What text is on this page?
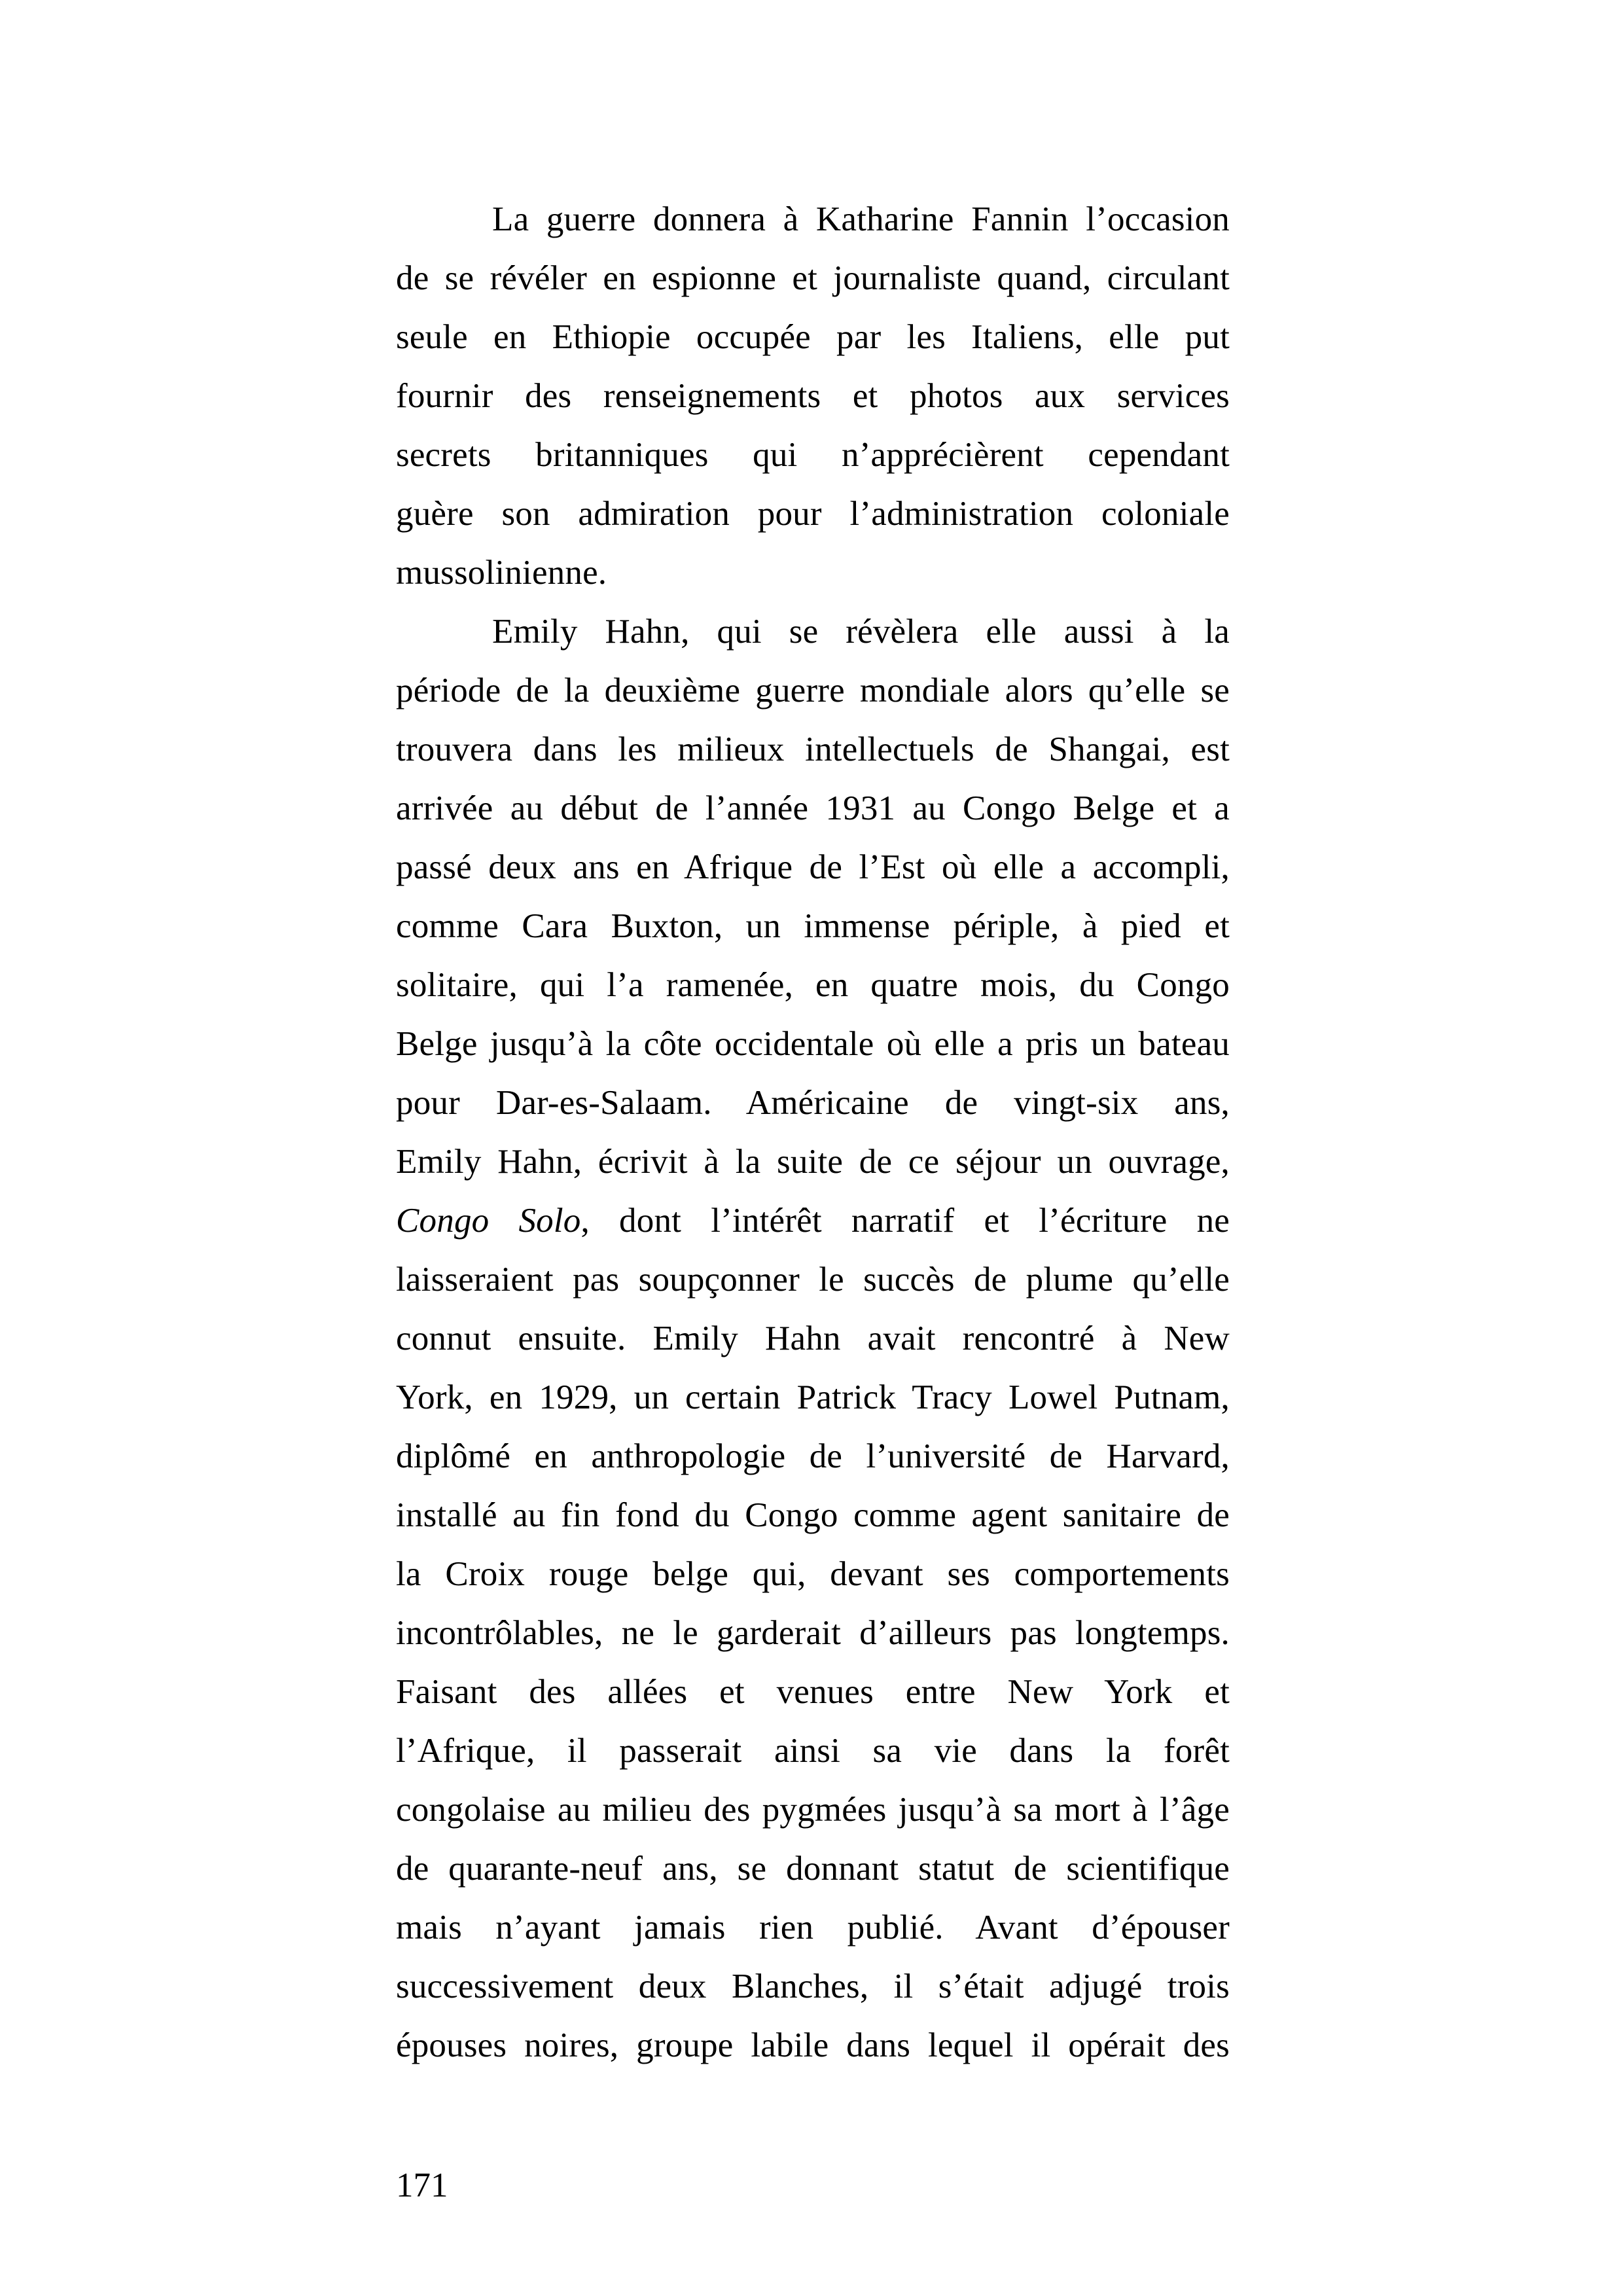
La guerre donnera à Katharine Fannin l’occasion
de se révéler en espionne et journaliste quand, circulant
seule en Ethiopie occupée par les Italiens, elle put
fournir des renseignements et photos aux services
secrets britanniques qui n’apprécièrent cependant
guère son admiration pour l’administration coloniale
mussolinienne.
Emily Hahn, qui se révèlera elle aussi à la
période de la deuxième guerre mondiale alors qu’elle se
trouvera dans les milieux intellectuels de Shangai, est
arrivée au début de l’année 1931 au Congo Belge et a
passé deux ans en Afrique de l’Est où elle a accompli,
comme Cara Buxton, un immense périple, à pied et
solitaire, qui l’a ramenée, en quatre mois, du Congo
Belge jusqu’à la côte occidentale où elle a pris un bateau
pour Dar-es-Salaam. Américaine de vingt-six ans,
Emily Hahn, écrivit à la suite de ce séjour un ouvrage,
Congo Solo, dont l’intérêt narratif et l’écriture ne
laisseraient pas soupçonner le succès de plume qu’elle
connut ensuite. Emily Hahn avait rencontré à New
York, en 1929, un certain Patrick Tracy Lowel Putnam,
diplômé en anthropologie de l’université de Harvard,
installé au fin fond du Congo comme agent sanitaire de
la Croix rouge belge qui, devant ses comportements
incontrôlables, ne le garderait d’ailleurs pas longtemps.
Faisant des allées et venues entre New York et
l’Afrique, il passerait ainsi sa vie dans la forêt
congolaise au milieu des pygmées jusqu’à sa mort à l’âge
de quarante-neuf ans, se donnant statut de scientifique
mais n’ayant jamais rien publié. Avant d’épouser
successivement deux Blanches, il s’était adjugé trois
épouses noires, groupe labile dans lequel il opérait des
171
